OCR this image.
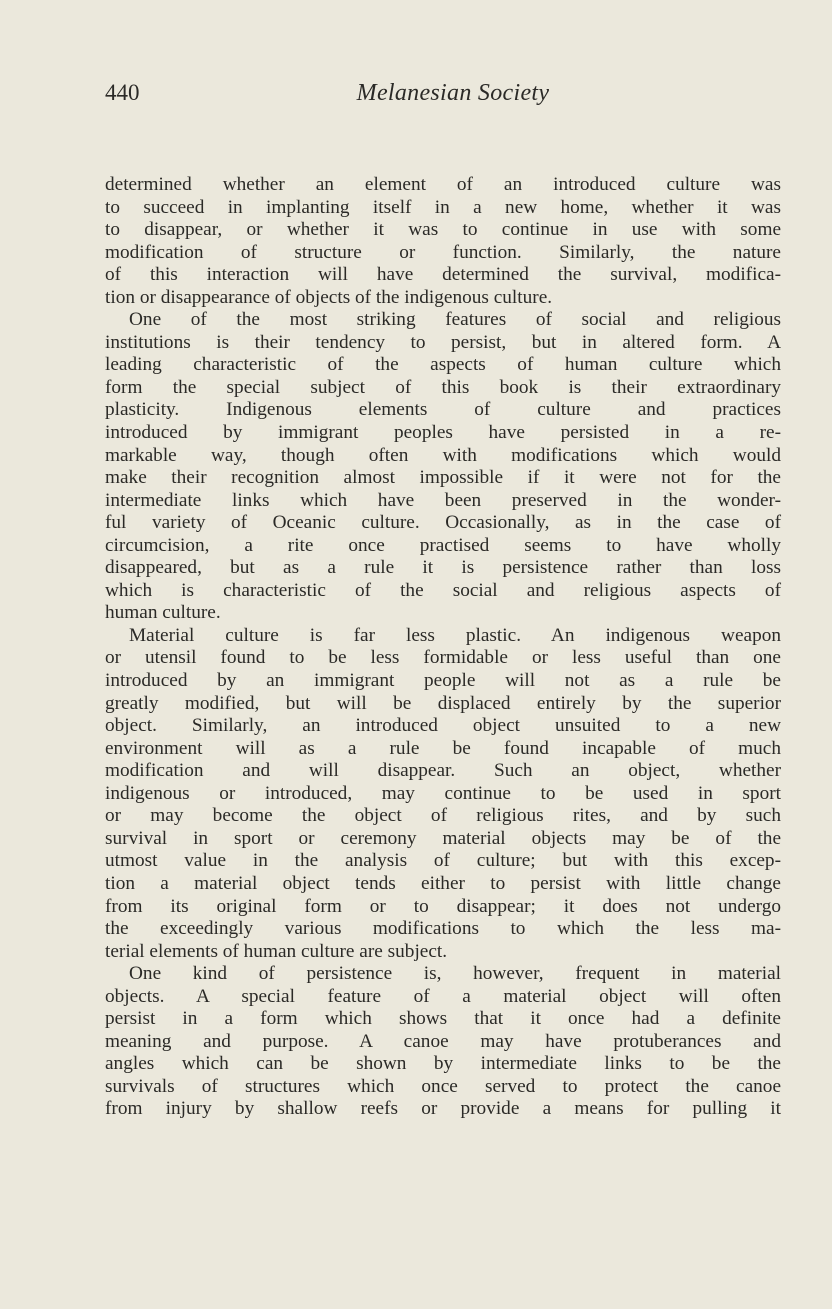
440	Melanesian Society
determined whether an element of an introduced culture was
to succeed in implanting itself in a new home, whether it was
to disappear, or whether it was to continue in use with some
modification of structure or function. Similarly, the nature
of this interaction will have determined the survival, modifica-
tion or disappearance of objects of the indigenous culture.
One of the most striking features of social and religious
institutions is their tendency to persist, but in altered form. A
leading characteristic of the aspects of human culture which
form the special subject of this book is their extraordinary
plasticity. Indigenous elements of culture and practices
introduced by immigrant peoples have persisted in a re-
markable way, though often with modifications which would
make their recognition almost impossible if it were not for the
intermediate links which have been preserved in the wonder-
ful variety of Oceanic culture. Occasionally, as in the case of
circumcision, a rite once practised seems to have wholly
disappeared, but as a rule it is persistence rather than loss
which is characteristic of the social and religious aspects of
human culture.
Material culture is far less plastic. An indigenous weapon
or utensil found to be less formidable or less useful than one
introduced by an immigrant people will not as a rule be
greatly modified, but will be displaced entirely by the superior
object. Similarly, an introduced object unsuited to a new
environment will as a rule be found incapable of much
modification and will disappear. Such an object, whether
indigenous or introduced, may continue to be used in sport
or may become the object of religious rites, and by such
survival in sport or ceremony material objects may be of the
utmost value in the analysis of culture; but with this excep-
tion a material object tends either to persist with little change
from its original form or to disappear; it does not undergo
the exceedingly various modifications to which the less ma-
terial elements of human culture are subject.
One kind of persistence is, however, frequent in material
objects. A special feature of a material object will often
persist in a form which shows that it once had a definite
meaning and purpose. A canoe may have protuberances and
angles which can be shown by intermediate links to be the
survivals of structures which once served to protect the canoe
from injury by shallow reefs or provide a means for pulling it
